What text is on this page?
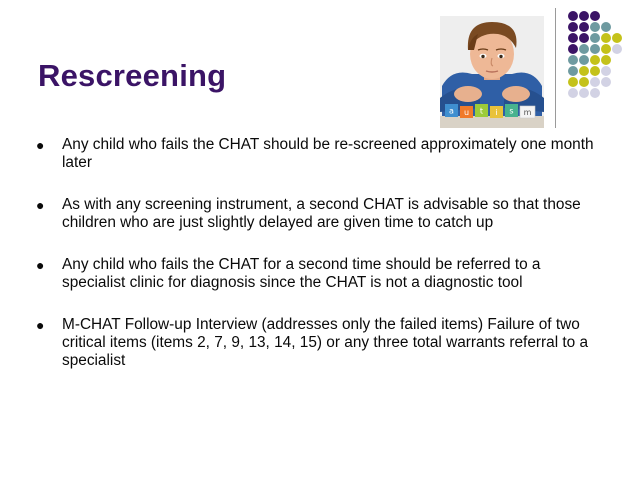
a u t i s m
Rescreening
● Any child who fails the CHAT should be re-screened approximately one month later
● As with any screening instrument, a second CHAT is advisable so that those children who are just slightly delayed are given time to catch up
● Any child who fails the CHAT for a second time should be referred to a specialist clinic for diagnosis since the CHAT is not a diagnostic tool
● M-CHAT Follow-up Interview (addresses only the failed items) Failure of two critical items (items 2, 7, 9, 13, 14, 15) or any three total warrants referral to a specialist
